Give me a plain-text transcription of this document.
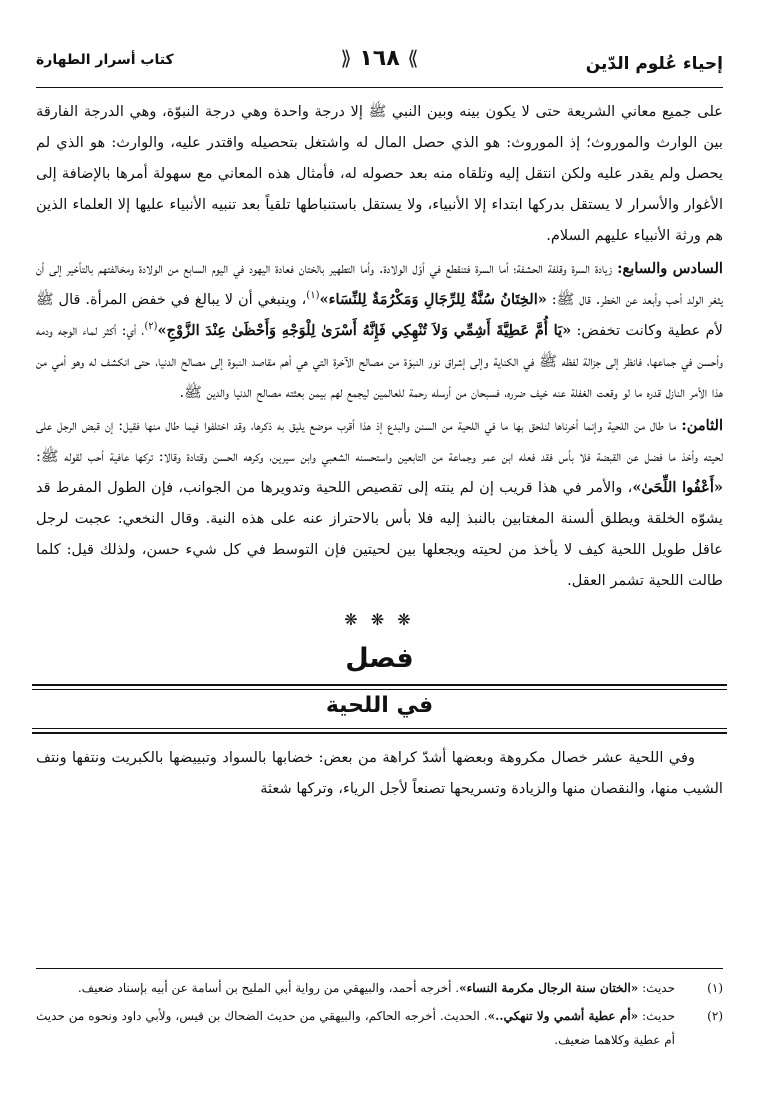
إحياء عُلوم الدّين
⟫ ١٦٨ ⟪
كتاب أسرار الطهارة

على جميع معاني الشريعة حتى لا يكون بينه وبين النبي ﷺ إلا درجة واحدة وهي درجة النبوّة، وهي الدرجة الفارقة بين الوارث والموروث؛ إذ الموروث: هو الذي حصل المال له واشتغل بتحصيله واقتدر عليه، والوارث: هو الذي لم يحصل ولم يقدر عليه ولكن انتقل إليه وتلقاه منه بعد حصوله له، فأمثال هذه المعاني مع سهولة أمرها بالإضافة إلى الأغوار والأسرار لا يستقل بدركها ابتداء إلا الأنبياء، ولا يستقل باستنباطها تلقياً بعد تنبيه الأنبياء عليها إلا العلماء الذين هم ورثة الأنبياء عليهم السلام.

السادس والسابع: زيادة السرة وقلفة الحشفة؛ أما السرة فتنقطع في أوّل الولادة. وأما التطهير بالختان فعادة اليهود في اليوم السابع من الولادة ومخالفتهم بالتأخير إلى أن يثغر الولد أحب وأبعد عن الخطر. قال ﷺ: «الخِتَانُ سُنَّةٌ لِلرِّجَالِ وَمَكْرُمَةٌ لِلنِّسَاء»$^{(١)}$، وينبغي أن لا يبالغ في خفض المرأة. قال ﷺ لأم عطية وكانت تخفض: «يَا أُمَّ عَطِيَّةَ أَشِمِّي وَلاَ تُنْهِكِي فَإِنَّهُ أَسْرَىٰ لِلْوَجْهِ وَأَحْظَىٰ عِنْدَ الزَّوْجِ»$^{(٢)}$، أي: أكثر لماء الوجه ودمه وأحسن في جماعها، فانظر إلى جزالة لفظه ﷺ في الكناية وإلى إشراق نور النبوّة من مصالح الآخرة التي هي أهم مقاصد النبوة إلى مصالح الدنيا، حتى انكشف له وهو أمي من هذا الأمر النازل قدره ما لو وقعت الغفلة عنه خيف ضرره، فسبحان من أرسله رحمة للعالمين ليجمع لهم بيمن بعثته مصالح الدنيا والدين ﷺ.

الثامن: ما طال من اللحية وإنما أخرناها لنلحق بها ما في اللحية من السنن والبدع إذ هذا أقرب موضع يليق به ذكرها، وقد اختلفوا فيما طال منها فقيل: إن قبض الرجل على لحيته وأخذ ما فضل عن القبضة فلا بأس فقد فعله ابن عمر وجماعة من التابعين واستحسنه الشعبي وابن سيرين، وكرهه الحسن وقتادة وقالا: تركها عافية أحب لقوله ﷺ: «أَعْفُوا اللِّحَىٰ»، والأمر في هذا قريب إن لم ينته إلى تقصيص اللحية وتدويرها من الجوانب، فإن الطول المفرط قد يشوّه الخلقة ويطلق ألسنة المغتابين بالنبذ إليه فلا بأس بالاحتراز عنه على هذه النية. وقال النخعي: عجبت لرجل عاقل طويل اللحية كيف لا يأخذ من لحيته ويجعلها بين لحيتين فإن التوسط في كل شيء حسن، ولذلك قيل: كلما طالت اللحية تشمر العقل.

❋ ❋ ❋
فصل
في اللحية

وفي اللحية عشر خصال مكروهة وبعضها أشدّ كراهة من بعض: خضابها بالسواد وتبييضها بالكبريت ونتفها ونتف الشيب منها، والنقصان منها والزيادة وتسريحها تصنعاً لأجل الرياء، وتركها شعثة

(١)
حديث: «الختان سنة الرجال مكرمة النساء». أخرجه أحمد، والبيهقي من رواية أبي المليح بن أسامة عن أبيه بإسناد ضعيف.
(٢)
حديث: «أم عطية أشمي ولا تنهكي..». الحديث. أخرجه الحاكم، والبيهقي من حديث الضحاك بن قيس، ولأبي داود ونحوه من حديث أم عطية وكلاهما ضعيف.
